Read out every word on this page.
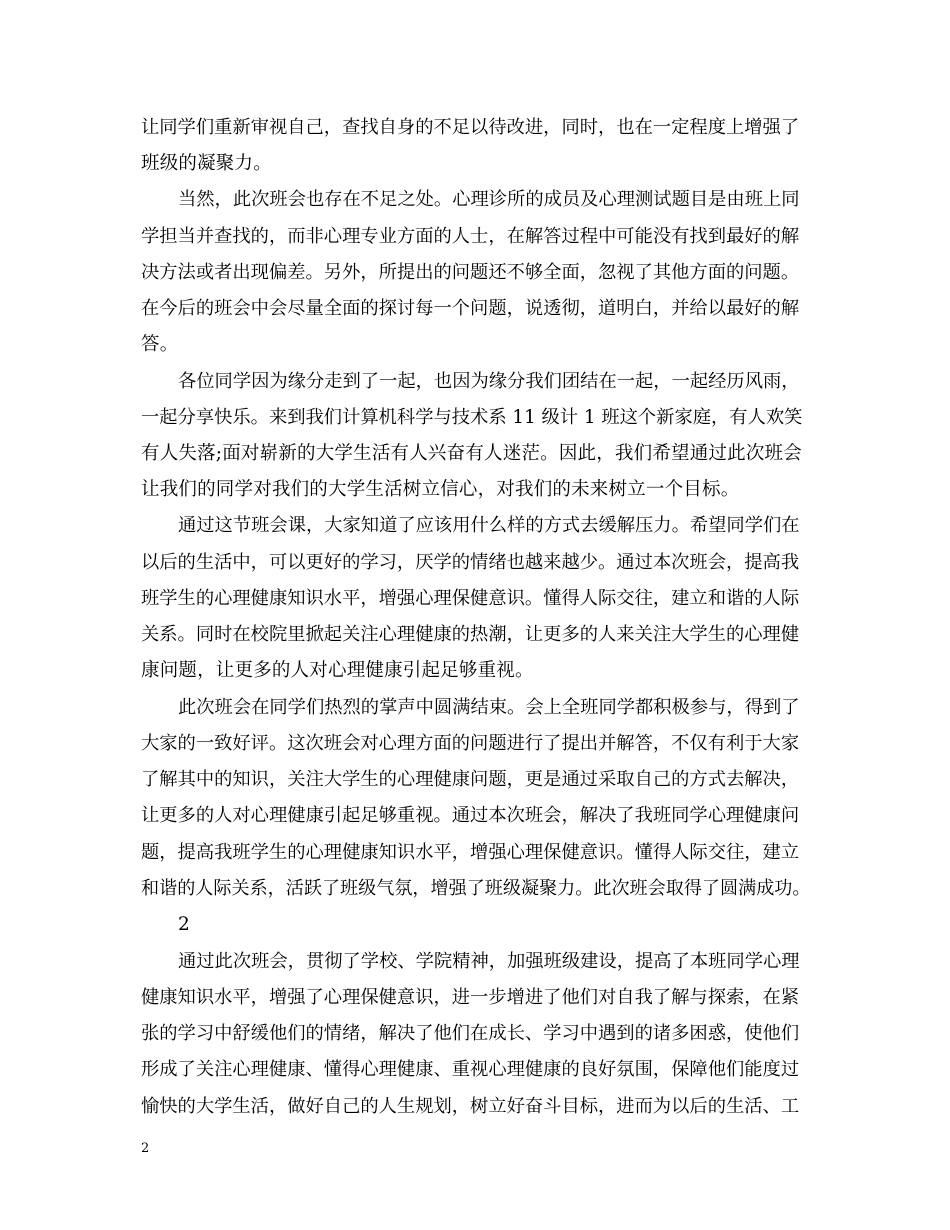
让同学们重新审视自己，查找自身的不足以待改进，同时，也在一定程度上增强了
班级的凝聚力。
当然，此次班会也存在不足之处。心理诊所的成员及心理测试题目是由班上同
学担当并查找的，而非心理专业方面的人士，在解答过程中可能没有找到最好的解
决方法或者出现偏差。另外，所提出的问题还不够全面，忽视了其他方面的问题。
在今后的班会中会尽量全面的探讨每一个问题，说透彻，道明白，并给以最好的解
答。
各位同学因为缘分走到了一起，也因为缘分我们团结在一起，一起经历风雨，
一起分享快乐。来到我们计算机科学与技术系 11 级计 1 班这个新家庭，有人欢笑
有人失落;面对崭新的大学生活有人兴奋有人迷茫。因此，我们希望通过此次班会
让我们的同学对我们的大学生活树立信心，对我们的未来树立一个目标。
通过这节班会课，大家知道了应该用什么样的方式去缓解压力。希望同学们在
以后的生活中，可以更好的学习，厌学的情绪也越来越少。通过本次班会，提高我
班学生的心理健康知识水平，增强心理保健意识。懂得人际交往，建立和谐的人际
关系。同时在校院里掀起关注心理健康的热潮，让更多的人来关注大学生的心理健
康问题，让更多的人对心理健康引起足够重视。
此次班会在同学们热烈的掌声中圆满结束。会上全班同学都积极参与，得到了
大家的一致好评。这次班会对心理方面的问题进行了提出并解答，不仅有利于大家
了解其中的知识，关注大学生的心理健康问题，更是通过采取自己的方式去解决，
让更多的人对心理健康引起足够重视。通过本次班会，解决了我班同学心理健康问
题，提高我班学生的心理健康知识水平，增强心理保健意识。懂得人际交往，建立
和谐的人际关系，活跃了班级气氛，增强了班级凝聚力。此次班会取得了圆满成功。
2
通过此次班会，贯彻了学校、学院精神，加强班级建设，提高了本班同学心理
健康知识水平，增强了心理保健意识，进一步增进了他们对自我了解与探索，在紧
张的学习中舒缓他们的情绪，解决了他们在成长、学习中遇到的诸多困惑，使他们
形成了关注心理健康、懂得心理健康、重视心理健康的良好氛围，保障他们能度过
愉快的大学生活，做好自己的人生规划，树立好奋斗目标，进而为以后的生活、工
2
